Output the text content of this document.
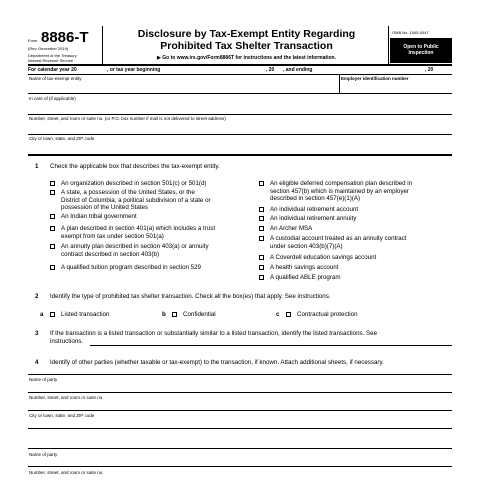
Form 8886-T
(Rev. December 2019)
Department of the Treasury
Internal Revenue Service
Disclosure by Tax-Exempt Entity Regarding
Prohibited Tax Shelter Transaction
▶ Go to www.irs.gov/Form8886T for instructions and the latest information.
OMB No. 1545-0047
Open to Public
Inspection
For calendar year 20	, or tax year beginning	, 20 , and ending	, 20
Name of tax-exempt entity	Employer identification number
In care of (if applicable)
Number, street, and room or suite no. (or P.O. box number if mail is not delivered to street address)
City or town, state, and ZIP code
1 Check the applicable box that describes the tax-exempt entity.
An organization described in section 501(c) or 501(d)
A state, a possession of the United States, or the
District of Columbia, a political subdivision of a state or
possession of the United States
An Indian tribal government
A plan described in section 401(a) which includes a trust
exempt from tax under section 501(a)
An annuity plan described in section 403(a) or annuity
contract described in section 403(b)
A qualified tuition program described in section 529
An eligible deferred compensation plan described in
section 457(b) which is maintained by an employer
described in section 457(e)(1)(A)
An individual retirement account
An individual retirement annuity
An Archer MSA
A custodial account treated as an annuity contract
under section 403(b)(7)(A)
A Coverdell education savings account
A health savings account
A qualified ABLE program
2 Identify the type of prohibited tax shelter transaction. Check all the box(es) that apply. See instructions.
a	Listed transaction	b	Confidential	c	Contractual protection
3 If the transaction is a listed transaction or substantially similar to a listed transaction, identify the listed transactions. See
instructions.
4 Identify of other parties (whether taxable or tax-exempt) to the transaction, if known. Attach additional sheets, if necessary.
Name of party
Number, street, and room or suite no.
City or town, state, and ZIP code
Name of party
Number, street, and room or suite no.
